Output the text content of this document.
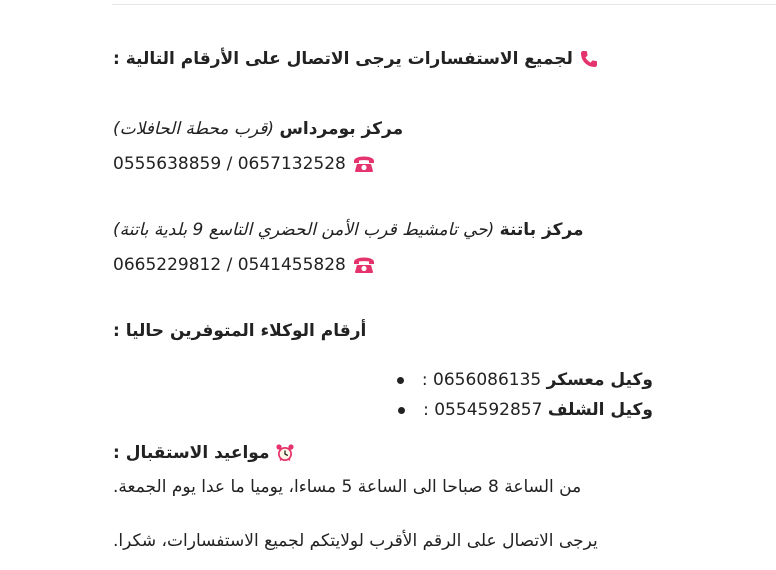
لجميع الاستفسارات يرجى الاتصال على الأرقام التالية :
مركز بومرداس (قرب محطة الحافلات)
0555638859 / 0657132528
مركز باتنة (حي تامشيط قرب الأمن الحضري التاسع 9 بلدية باتنة)
0665229812 / 0541455828
أرقام الوكلاء المتوفرين حاليا :
وكيل معسكر

: 0656086135
وكيل الشلف

: 0554592857
مواعيد الاستقبال :
من الساعة 8 صباحا الى الساعة 5 مساءا، يوميا ما عدا يوم الجمعة.
يرجى الاتصال على الرقم الأقرب لولايتكم لجميع الاستفسارات، شكرا.
